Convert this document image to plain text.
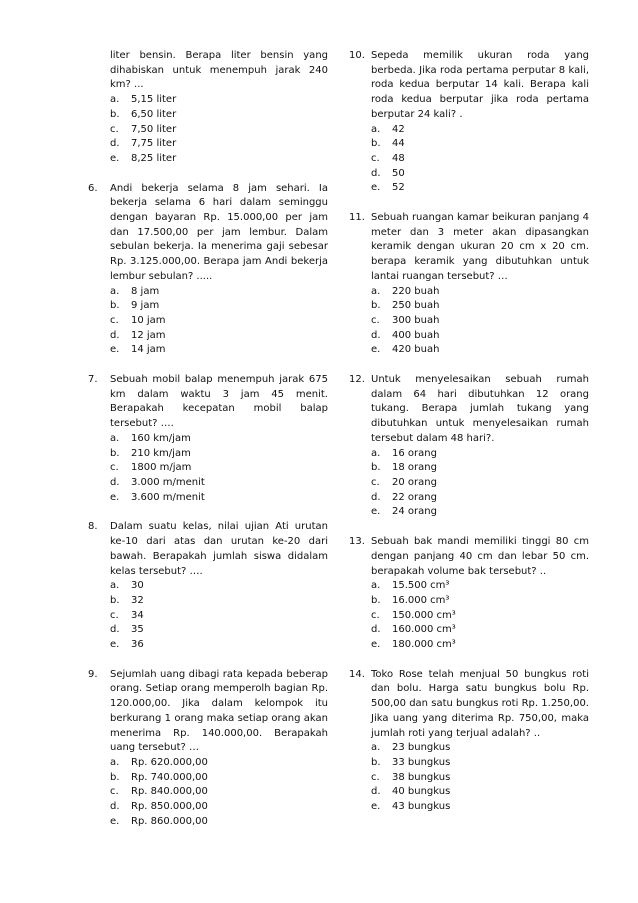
liter bensin. Berapa liter bensin yang dihabiskan untuk menempuh jarak 240 km? ...
a.	5,15 liter
b.	6,50 liter
c.	7,50 liter
d.	7,75 liter
e.	8,25 liter
6.	Andi bekerja selama 8 jam sehari. Ia bekerja selama 6 hari dalam seminggu dengan bayaran Rp. 15.000,00 per jam dan 17.500,00 per jam lembur. Dalam sebulan bekerja. Ia menerima gaji sebesar Rp. 3.125.000,00. Berapa jam Andi bekerja lembur sebulan? .....
a.	8 jam
b.	9 jam
c.	10 jam
d.	12 jam
e.	14 jam
7.	Sebuah mobil balap menempuh jarak 675 km dalam waktu 3 jam 45 menit. Berapakah kecepatan mobil balap tersebut? ….
a.	160 km/jam
b.	210 km/jam
c.	1800 m/jam
d.	3.000 m/menit
e.	3.600 m/menit
8.	Dalam suatu kelas, nilai ujian Ati urutan ke-10 dari atas dan urutan ke-20 dari bawah. Berapakah jumlah siswa didalam kelas tersebut? ….
a.	30
b.	32
c.	34
d.	35
e.	36
9.	Sejumlah uang dibagi rata kepada beberap orang. Setiap orang memperolh bagian Rp. 120.000,00. Jika dalam kelompok itu berkurang 1 orang maka setiap orang akan menerima Rp. 140.000,00. Berapakah uang tersebut? …
a.	Rp. 620.000,00
b.	Rp. 740.000,00
c.	Rp. 840.000,00
d.	Rp. 850.000,00
e.	Rp. 860.000,00
10. Sepeda memilik ukuran roda yang berbeda. Jika roda pertama perputar 8 kali, roda kedua berputar 14 kali. Berapa kali roda kedua berputar jika roda pertama berputar 24 kali? .
a.	42
b.	44
c.	48
d.	50
e.	52
11. Sebuah ruangan kamar beikuran panjang 4 meter dan 3 meter akan dipasangkan keramik dengan ukuran 20 cm x 20 cm. berapa keramik yang dibutuhkan untuk lantai ruangan tersebut? …
a.	220 buah
b.	250 buah
c.	300 buah
d.	400 buah
e.	420 buah
12. Untuk menyelesaikan sebuah rumah dalam 64 hari dibutuhkan 12 orang tukang. Berapa jumlah tukang yang dibutuhkan untuk menyelesaikan rumah tersebut dalam 48 hari?.
a.	16 orang
b.	18 orang
c.	20 orang
d.	22 orang
e.	24 orang
13. Sebuah bak mandi memiliki tinggi 80 cm dengan panjang 40 cm dan lebar 50 cm. berapakah volume bak tersebut? ..
a.	15.500 cm³
b.	16.000 cm³
c.	150.000 cm³
d.	160.000 cm³
e.	180.000 cm³
14. Toko Rose telah menjual 50 bungkus roti dan bolu. Harga satu bungkus bolu Rp. 500,00 dan satu bungkus roti Rp. 1.250,00. Jika uang yang diterima Rp. 750,00, maka jumlah roti yang terjual adalah? ..
a.	23 bungkus
b.	33 bungkus
c.	38 bungkus
d.	40 bungkus
e.	43 bungkus
